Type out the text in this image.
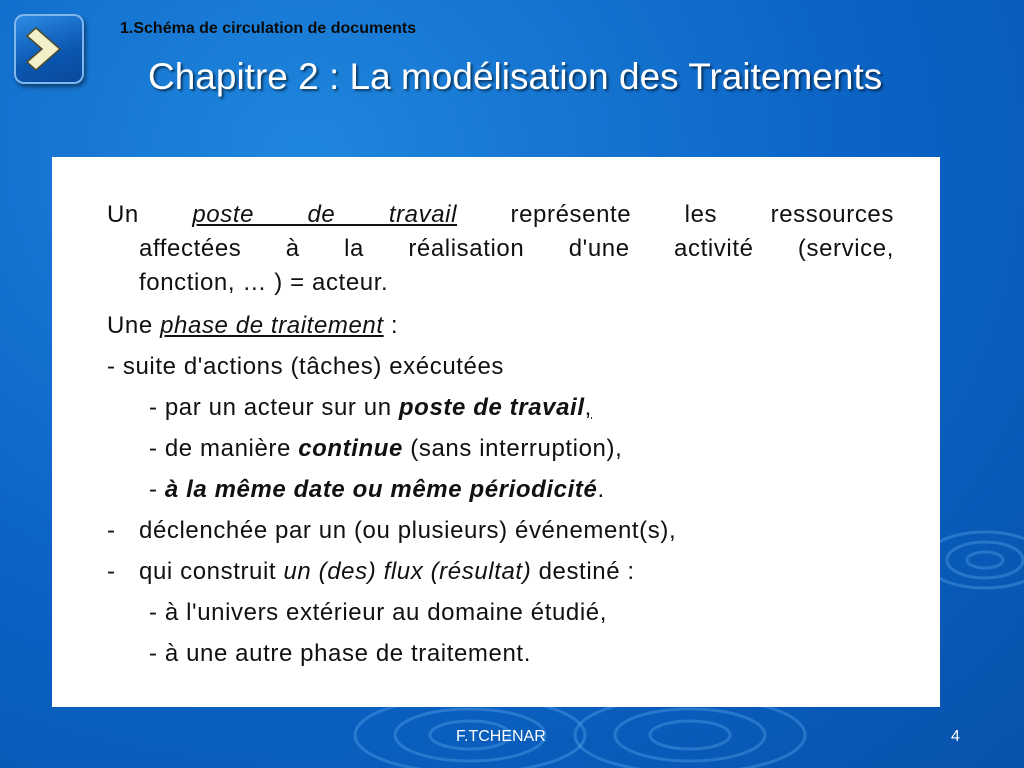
1.Schéma de circulation de documents
Chapitre 2 : La modélisation des Traitements
Un poste de travail représente les ressources
affectées à la réalisation d'une activité (service,
fonction, … ) = acteur.
Une phase de traitement :
- suite d'actions (tâches) exécutées
- par un acteur sur un poste de travail,
- de manière continue (sans interruption),
- à la même date ou même périodicité.
- déclenchée par un (ou plusieurs) événement(s),
- qui construit un (des) flux (résultat) destiné :
- à l'univers extérieur au domaine étudié,
- à une autre phase de traitement.
F.TCHENAR	4
